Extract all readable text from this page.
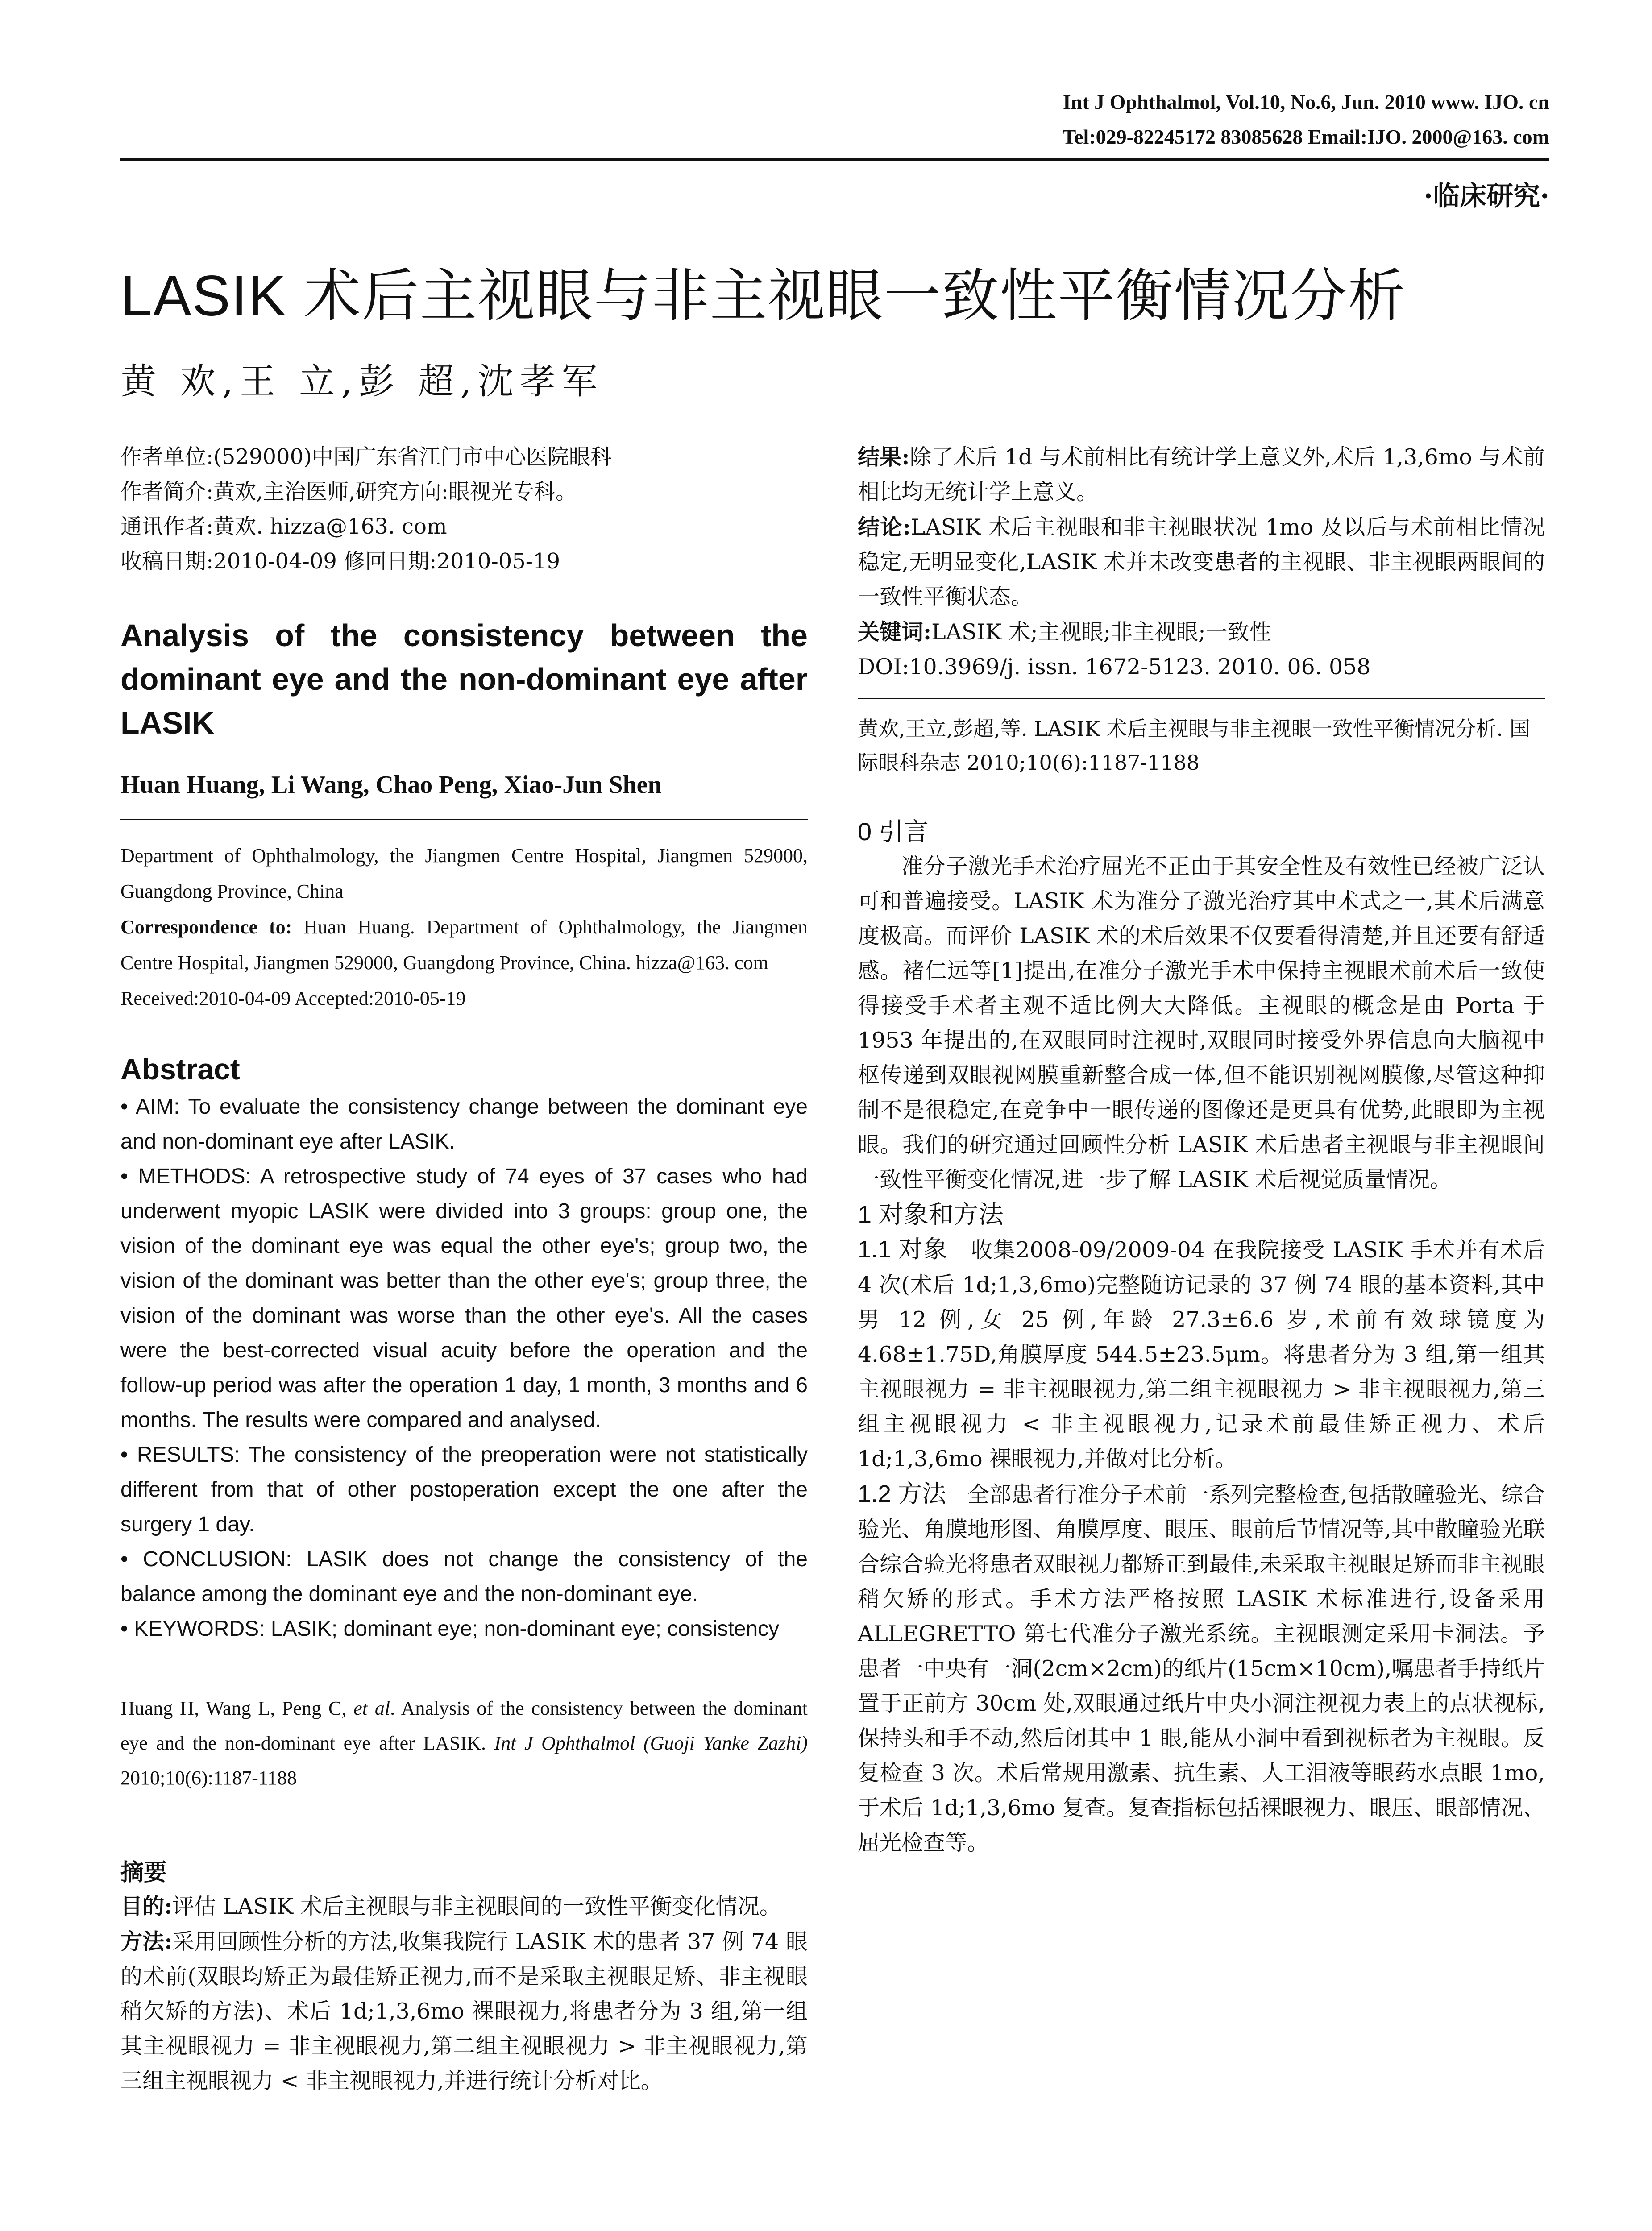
Int J Ophthalmol, Vol.10, No.6, Jun. 2010 www. IJO. cn
Tel:029-82245172 83085628 Email:IJO. 2000@163. com
·临床研究·
LASIK 术后主视眼与非主视眼一致性平衡情况分析
黄 欢,王 立,彭 超,沈孝军

作者单位:(529000)中国广东省江门市中心医院眼科

作者简介:黄欢,主治医师,研究方向:眼视光专科。

通讯作者:黄欢. hizza@163. com

收稿日期:2010-04-09 修回日期:2010-05-19

Analysis of the consistency between the dominant eye and the non-dominant eye after LASIK

Huan Huang, Li Wang, Chao Peng, Xiao-Jun Shen

Department of Ophthalmology, the Jiangmen Centre Hospital, Jiangmen 529000, Guangdong Province, China

Correspondence to: Huan Huang. Department of Ophthalmology, the Jiangmen Centre Hospital, Jiangmen 529000, Guangdong Province, China. hizza@163. com

Received:2010-04-09 Accepted:2010-05-19

Abstract

• AIM: To evaluate the consistency change between the dominant eye and non-dominant eye after LASIK.

• METHODS: A retrospective study of 74 eyes of 37 cases who had underwent myopic LASIK were divided into 3 groups: group one, the vision of the dominant eye was equal the other eye's; group two, the vision of the dominant was better than the other eye's; group three, the vision of the dominant was worse than the other eye's. All the cases were the best-corrected visual acuity before the operation and the follow-up period was after the operation 1 day, 1 month, 3 months and 6 months. The results were compared and analysed.

• RESULTS: The consistency of the preoperation were not statistically different from that of other postoperation except the one after the surgery 1 day.

• CONCLUSION: LASIK does not change the consistency of the balance among the dominant eye and the non-dominant eye.

• KEYWORDS: LASIK; dominant eye; non-dominant eye; consistency

Huang H, Wang L, Peng C, et al. Analysis of the consistency between the dominant eye and the non-dominant eye after LASIK. Int J Ophthalmol (Guoji Yanke Zazhi) 2010;10(6):1187-1188

摘要

目的:评估 LASIK 术后主视眼与非主视眼间的一致性平衡变化情况。

方法:采用回顾性分析的方法,收集我院行 LASIK 术的患者 37 例 74 眼的术前(双眼均矫正为最佳矫正视力,而不是采取主视眼足矫、非主视眼稍欠矫的方法)、术后 1d;1,3,6mo 裸眼视力,将患者分为 3 组,第一组其主视眼视力 = 非主视眼视力,第二组主视眼视力 > 非主视眼视力,第三组主视眼视力 < 非主视眼视力,并进行统计分析对比。

结果:除了术后 1d 与术前相比有统计学上意义外,术后 1,3,6mo 与术前相比均无统计学上意义。

结论:LASIK 术后主视眼和非主视眼状况 1mo 及以后与术前相比情况稳定,无明显变化,LASIK 术并未改变患者的主视眼、非主视眼两眼间的一致性平衡状态。

关键词:LASIK 术;主视眼;非主视眼;一致性

DOI:10.3969/j. issn. 1672-5123. 2010. 06. 058

黄欢,王立,彭超,等. LASIK 术后主视眼与非主视眼一致性平衡情况分析. 国际眼科杂志 2010;10(6):1187-1188

0 引言

准分子激光手术治疗屈光不正由于其安全性及有效性已经被广泛认可和普遍接受。LASIK 术为准分子激光治疗其中术式之一,其术后满意度极高。而评价 LASIK 术的术后效果不仅要看得清楚,并且还要有舒适感。褚仁远等[1]提出,在准分子激光手术中保持主视眼术前术后一致使得接受手术者主观不适比例大大降低。主视眼的概念是由 Porta 于 1953 年提出的,在双眼同时注视时,双眼同时接受外界信息向大脑视中枢传递到双眼视网膜重新整合成一体,但不能识别视网膜像,尽管这种抑制不是很稳定,在竞争中一眼传递的图像还是更具有优势,此眼即为主视眼。我们的研究通过回顾性分析 LASIK 术后患者主视眼与非主视眼间一致性平衡变化情况,进一步了解 LASIK 术后视觉质量情况。

1 对象和方法

1.1 对象 收集2008-09/2009-04 在我院接受 LASIK 手术并有术后 4 次(术后 1d;1,3,6mo)完整随访记录的 37 例 74 眼的基本资料,其中男 12 例,女 25 例,年龄 27.3±6.6 岁,术前有效球镜度为 4.68±1.75D,角膜厚度 544.5±23.5μm。将患者分为 3 组,第一组其主视眼视力 = 非主视眼视力,第二组主视眼视力 > 非主视眼视力,第三组主视眼视力 < 非主视眼视力,记录术前最佳矫正视力、术后 1d;1,3,6mo 裸眼视力,并做对比分析。

1.2 方法 全部患者行准分子术前一系列完整检查,包括散瞳验光、综合验光、角膜地形图、角膜厚度、眼压、眼前后节情况等,其中散瞳验光联合综合验光将患者双眼视力都矫正到最佳,未采取主视眼足矫而非主视眼稍欠矫的形式。手术方法严格按照 LASIK 术标准进行,设备采用 ALLEGRETTO 第七代准分子激光系统。主视眼测定采用卡洞法。予患者一中央有一洞(2cm×2cm)的纸片(15cm×10cm),嘱患者手持纸片置于正前方 30cm 处,双眼通过纸片中央小洞注视视力表上的点状视标,保持头和手不动,然后闭其中 1 眼,能从小洞中看到视标者为主视眼。反复检查 3 次。术后常规用激素、抗生素、人工泪液等眼药水点眼 1mo,于术后 1d;1,3,6mo 复查。复查指标包括裸眼视力、眼压、眼部情况、屈光检查等。
